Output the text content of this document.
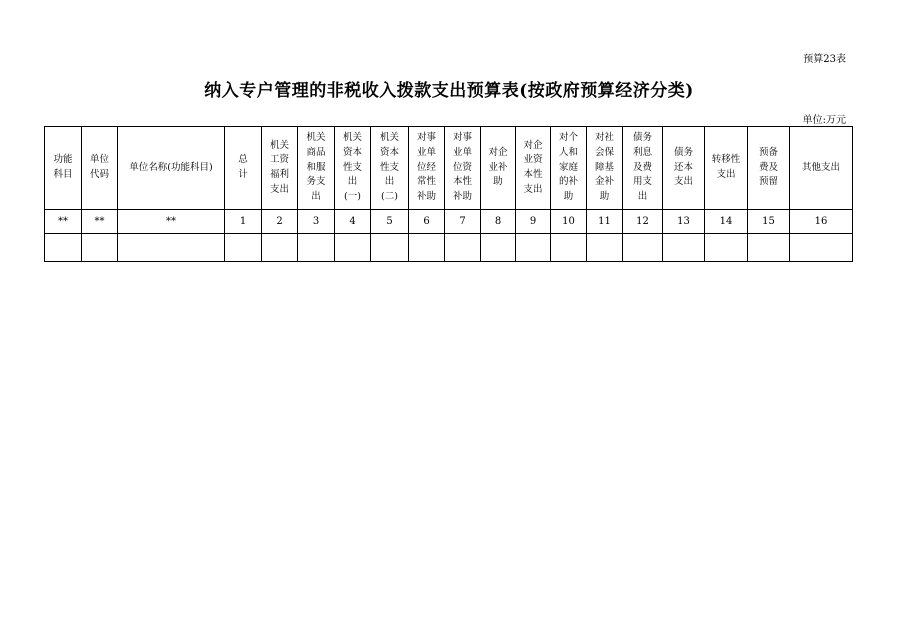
预算23表
纳入专户管理的非税收入拨款支出预算表(按政府预算经济分类)
单位:万元
功能科目	单位代码	单位名称(功能科目)	总计	机关工资福利支出	机关商品和服务支出	机关资本性支出(一)	机关资本性支出(二)	对事业单位经常性补助	对事业单位资本性补助	对企业补助	对企业资本性支出	对个人和家庭的补助	对社会保障基金补助	债务利息及费用支出	债务还本支出	转移性支出	预备费及预留	其他支出
**	**	**	1	2	3	4	5	6	7	8	9	10	11	12	13	14	15	16
